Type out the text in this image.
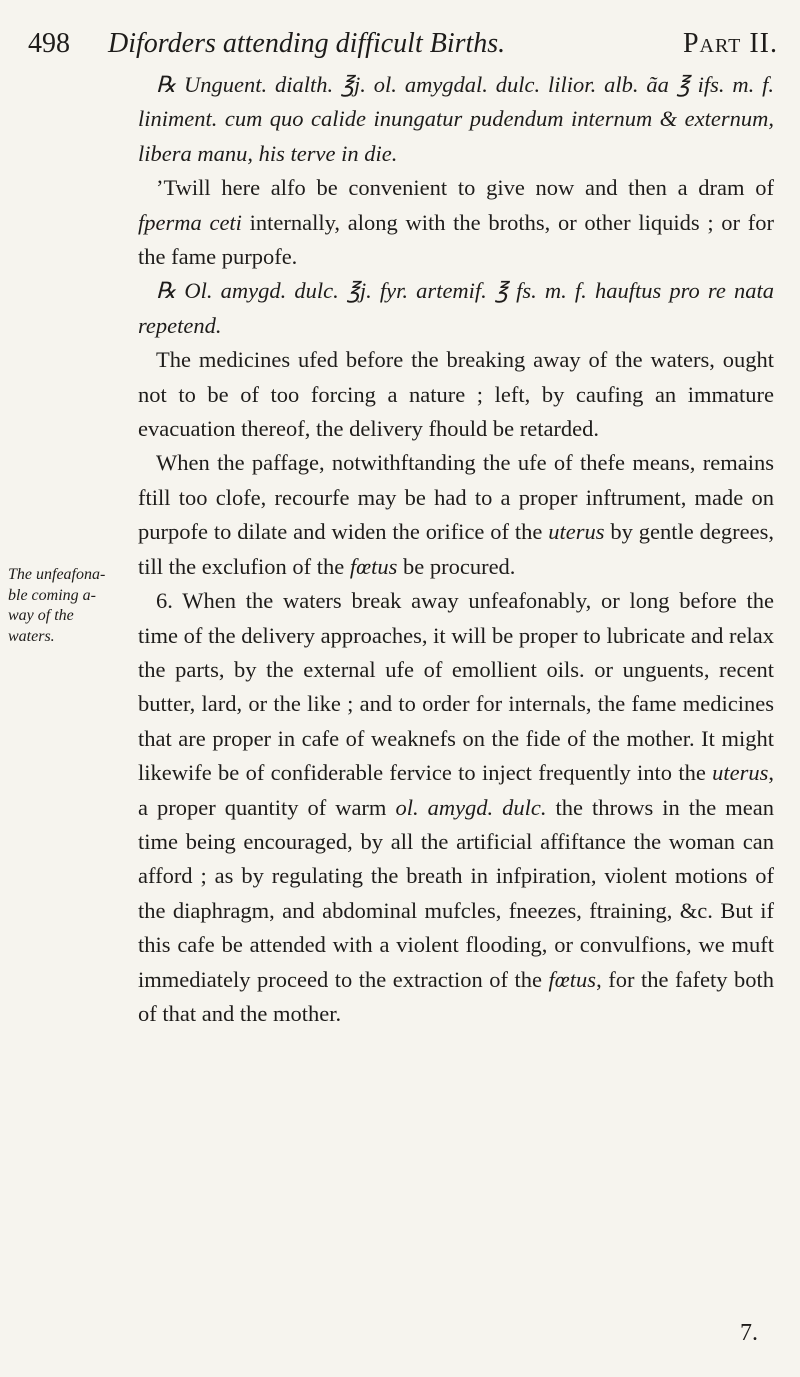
498 Diforders attending difficult Births.	Part II.
The unfeafona-
ble coming a-
way of the
waters.

℞ Unguent. dialth. ℥j. ol. amygdal. dulc. lilior. alb. ãa ℥ ifs. m. f. liniment. cum quo calide inungatur pudendum internum & externum, libera manu, his terve in die.

’Twill here alfo be convenient to give now and then a dram of fperma ceti internally, along with the broths, or other liquids ; or for the fame purpofe.

℞ Ol. amygd. dulc. ℥j. fyr. artemif. ℥ fs. m. f. hauftus pro re nata repetend.

The medicines ufed before the breaking away of the waters, ought not to be of too forcing a nature ; left, by caufing an immature evacuation thereof, the delivery fhould be retarded.

When the paffage, notwithftanding the ufe of thefe means, remains ftill too clofe, recourfe may be had to a proper inftrument, made on purpofe to dilate and widen the orifice of the uterus by gentle degrees, till the exclufion of the fœtus be procured.

6. When the waters break away unfeafonably, or long before the time of the delivery approaches, it will be proper to lubricate and relax the parts, by the external ufe of emollient oils. or unguents, recent butter, lard, or the like ; and to order for internals, the fame medicines that are proper in cafe of weaknefs on the fide of the mother. It might likewife be of confiderable fervice to inject frequently into the uterus, a proper quantity of warm ol. amygd. dulc. the throws in the mean time being encouraged, by all the artificial affiftance the woman can afford ; as by regulating the breath in infpiration, violent motions of the diaphragm, and abdominal mufcles, fneezes, ftraining, &c. But if this cafe be attended with a violent flooding, or convulfions, we muft immediately proceed to the extraction of the fœtus, for the fafety both of that and the mother.

7.
